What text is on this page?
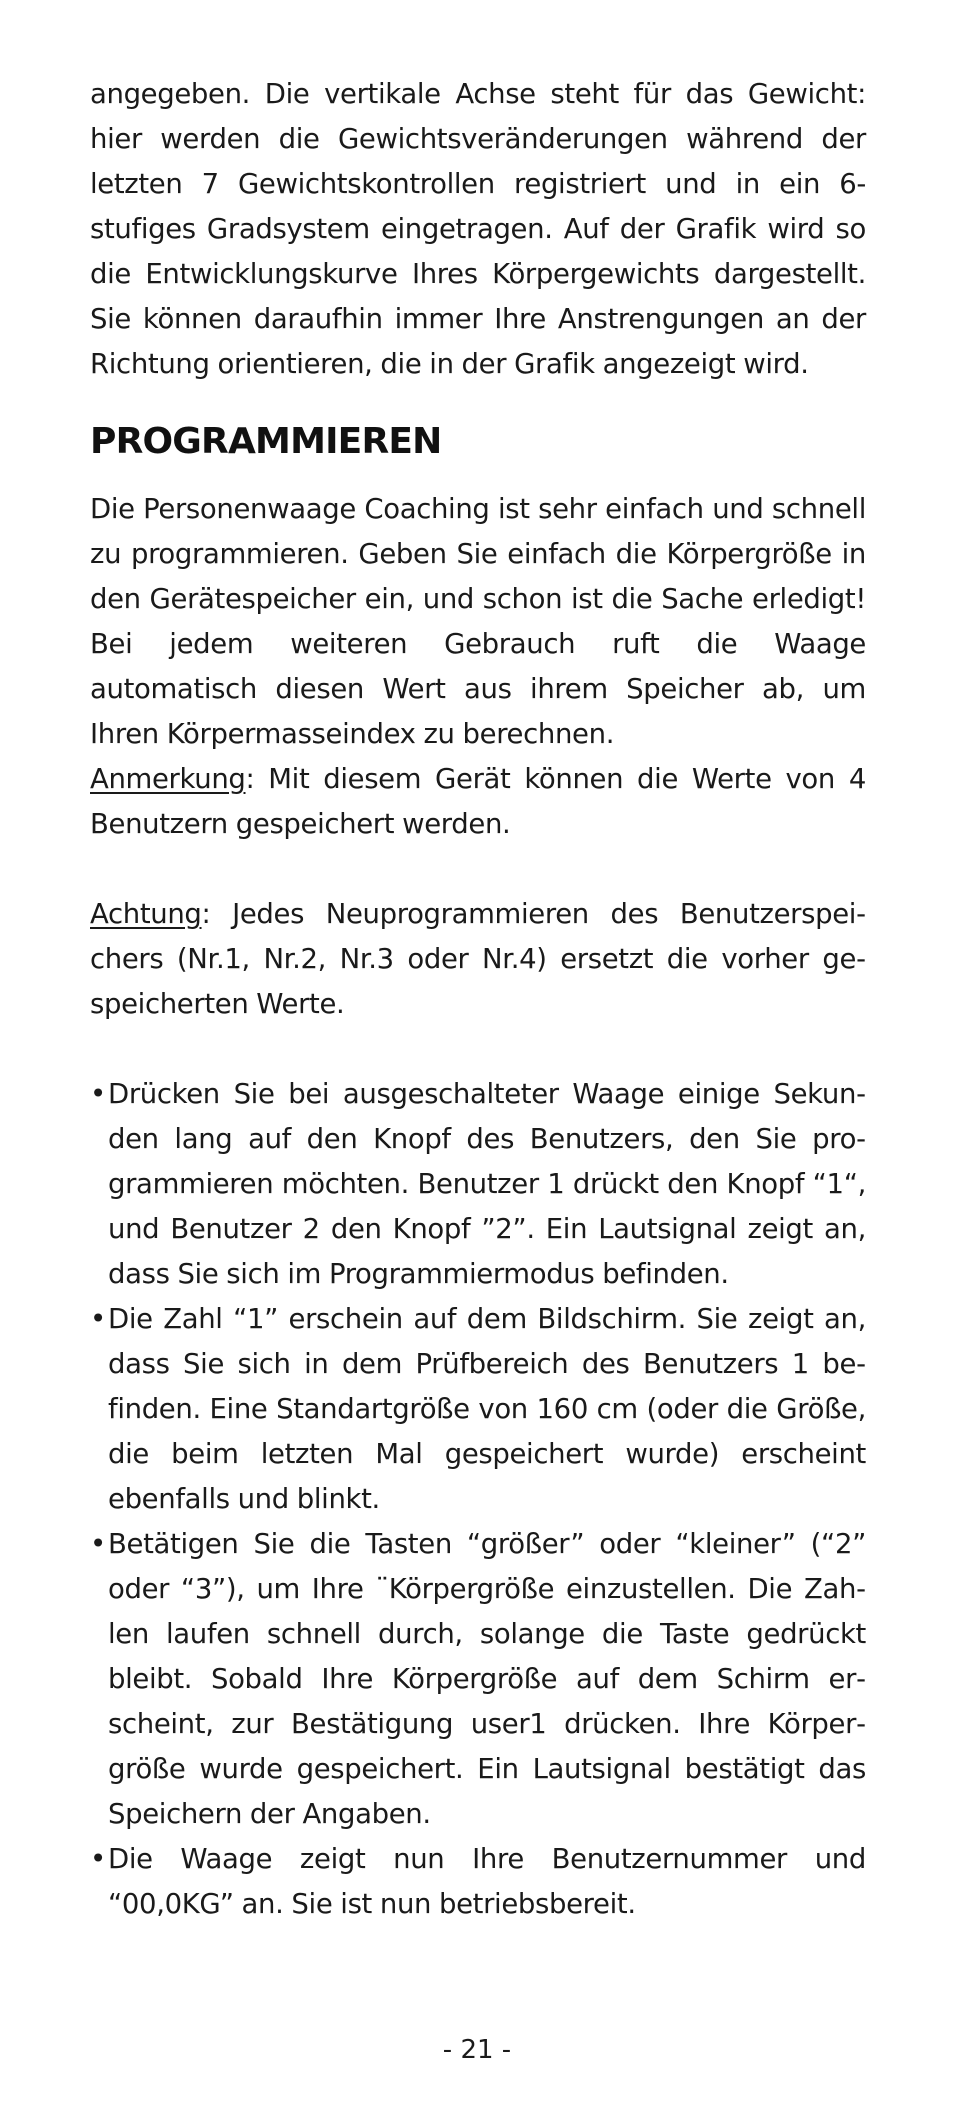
angegeben. Die vertikale Achse steht für das Gewicht: hier werden die Gewichtsveränderungen während der letzten 7 Gewichtskontrollen registriert und in ein 6-stufiges Gradsystem eingetragen. Auf der Grafik wird so die Entwicklungskurve Ihres Körpergewichts dargestellt. Sie können daraufhin immer Ihre Anstrengungen an der Richtung orientieren, die in der Grafik angezeigt wird.

PROGRAMMIEREN

Die Personenwaage Coaching ist sehr einfach und schnell zu programmieren. Geben Sie einfach die Körpergröße in den Gerätespeicher ein, und schon ist die Sache erledigt! Bei jedem weiteren Gebrauch ruft die Waage automatisch diesen Wert aus ihrem Speicher ab, um Ihren Körpermasseindex zu berechnen.

Anmerkung: Mit diesem Gerät können die Werte von 4 Benutzern gespeichert werden.

Achtung: Jedes Neuprogrammieren des Benutzerspeichers (Nr.1, Nr.2, Nr.3 oder Nr.4) ersetzt die vorher gespeicherten Werte.

• Drücken Sie bei ausgeschalteter Waage einige Sekunden lang auf den Knopf des Benutzers, den Sie programmieren möchten. Benutzer 1 drückt den Knopf “1“, und Benutzer 2 den Knopf ”2”. Ein Lautsignal zeigt an, dass Sie sich im Programmiermodus befinden.
• Die Zahl “1” erschein auf dem Bildschirm. Sie zeigt an, dass Sie sich in dem Prüfbereich des Benutzers 1 befinden. Eine Standartgröße von 160 cm (oder die Größe, die beim letzten Mal gespeichert wurde) erscheint ebenfalls und blinkt.
• Betätigen Sie die Tasten “größer” oder “kleiner” (“2” oder “3”), um Ihre ¨Körpergröße einzustellen. Die Zahlen laufen schnell durch, solange die Taste gedrückt bleibt. Sobald Ihre Körpergröße auf dem Schirm erscheint, zur Bestätigung user1 drücken. Ihre Körpergröße wurde gespeichert. Ein Lautsignal bestätigt das Speichern der Angaben.
• Die Waage zeigt nun Ihre Benutzernummer und “00,0KG” an. Sie ist nun betriebsbereit.
- 21 -
